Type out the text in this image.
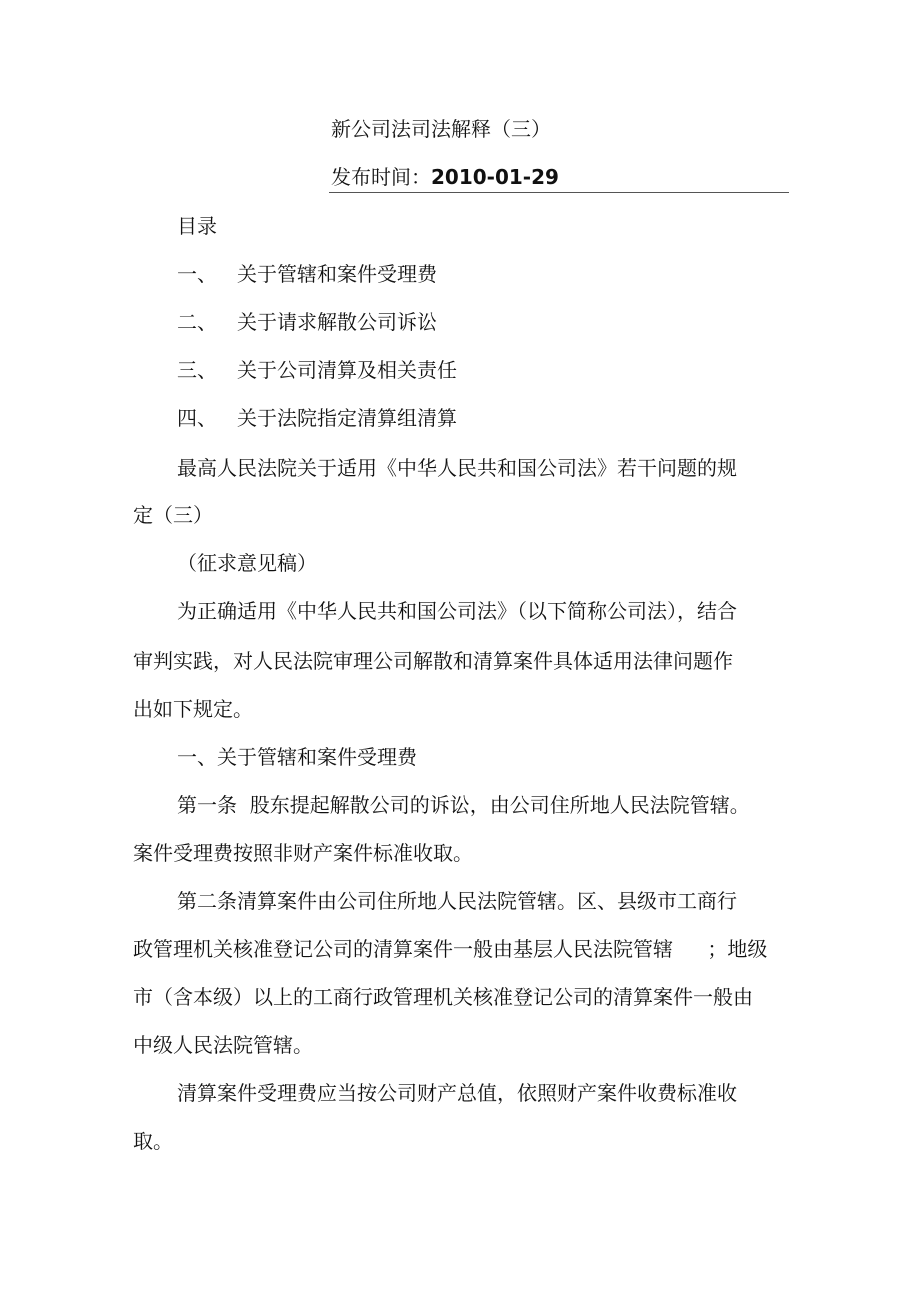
新公司法司法解释（三）
发布时间：2010-01-29
目录
一、 关于管辖和案件受理费
二、 关于请求解散公司诉讼
三、 关于公司清算及相关责任
四、 关于法院指定清算组清算
最高人民法院关于适用《中华人民共和国公司法》若干问题的规
定（三）
（征求意见稿）
为正确适用《中华人民共和国公司法》（以下简称公司法），结合
审判实践，对人民法院审理公司解散和清算案件具体适用法律问题作
出如下规定。
一、关于管辖和案件受理费
第一条  股东提起解散公司的诉讼，由公司住所地人民法院管辖。
案件受理费按照非财产案件标准收取。
第二条清算案件由公司住所地人民法院管辖。区、县级市工商行
政管理机关核准登记公司的清算案件一般由基层人民法院管辖 ；地级
市（含本级）以上的工商行政管理机关核准登记公司的清算案件一般由
中级人民法院管辖。
清算案件受理费应当按公司财产总值，依照财产案件收费标准收
取。
